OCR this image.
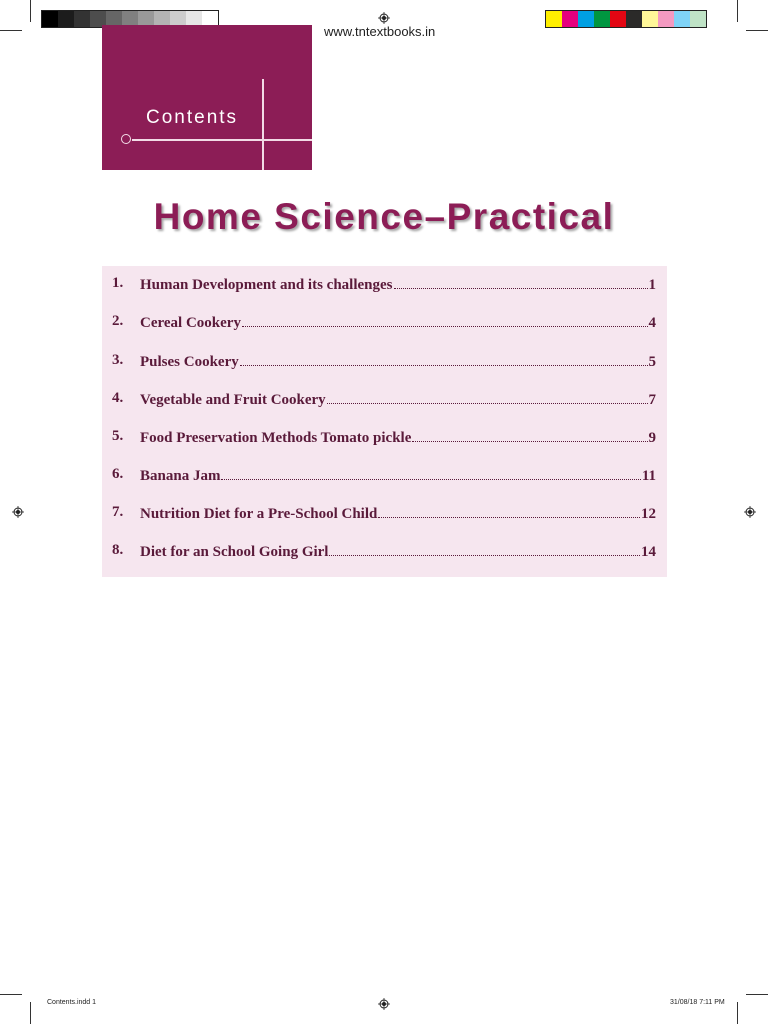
www.tntextbooks.in
Contents
Home Science–Practical
1. Human Development and its challenges	1
2. Cereal Cookery	4
3. Pulses Cookery	5
4. Vegetable and Fruit Cookery	7
5. Food Preservation Methods Tomato pickle	9
6. Banana Jam	11
7. Nutrition Diet for a Pre-School Child	12
8. Diet for an School Going Girl	14
Contents.indd 1	31/08/18 7:11 PM
